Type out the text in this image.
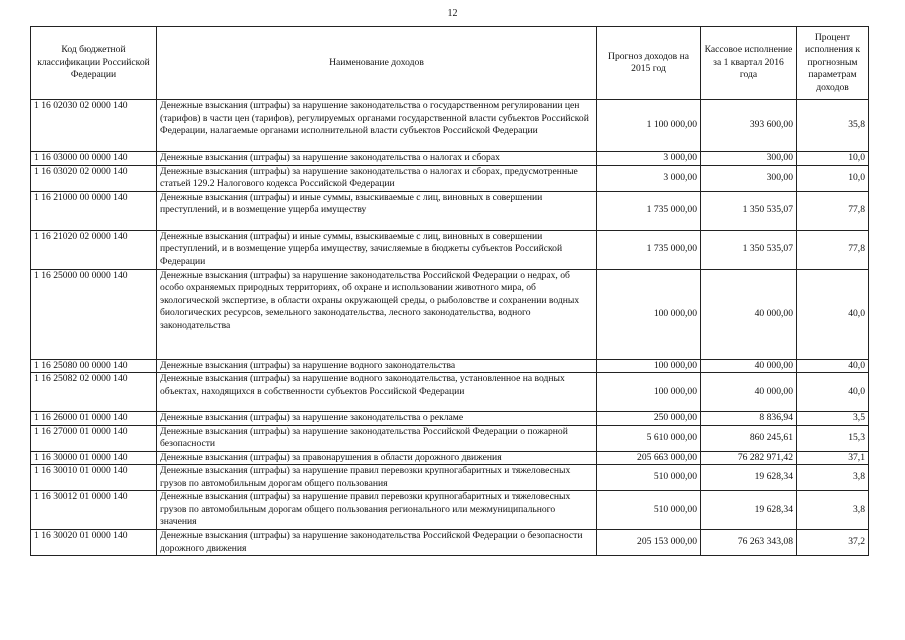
12
Код бюджетной классификации Российской Федерации	Наименование доходов	Прогноз доходов на 2015 год	Кассовое исполнение за 1 квартал 2016 года	Процент исполнения к прогнозным параметрам доходов
1 16 02030 02 0000 140	Денежные взыскания (штрафы) за нарушение законодательства о государственном регулировании цен (тарифов) в части цен (тарифов), регулируемых органами государственной власти субъектов Российской Федерации, налагаемые органами исполнительной власти субъектов Российской Федерации	1 100 000,00	393 600,00	35,8
1 16 03000 00 0000 140	Денежные взыскания (штрафы) за нарушение законодательства о налогах и сборах	3 000,00	300,00	10,0
1 16 03020 02 0000 140	Денежные взыскания (штрафы) за нарушение законодательства о налогах и сборах, предусмотренные статьей 129.2 Налогового кодекса Российской Федерации	3 000,00	300,00	10,0
1 16 21000 00 0000 140	Денежные взыскания (штрафы) и иные суммы, взыскиваемые с лиц, виновных в совершении преступлений, и в возмещение ущерба имуществу	1 735 000,00	1 350 535,07	77,8
1 16 21020 02 0000 140	Денежные взыскания (штрафы) и иные суммы, взыскиваемые с лиц, виновных в совершении преступлений, и в возмещение ущерба имуществу, зачисляемые в бюджеты субъектов Российской Федерации	1 735 000,00	1 350 535,07	77,8
1 16 25000 00 0000 140	Денежные взыскания (штрафы) за нарушение законодательства Российской Федерации о недрах, об особо охраняемых природных территориях, об охране и использовании животного мира, об экологической экспертизе, в области охраны окружающей среды, о рыболовстве и сохранении водных биологических ресурсов, земельного законодательства, лесного законодательства, водного законодательства	100 000,00	40 000,00	40,0
1 16 25080 00 0000 140	Денежные взыскания (штрафы) за нарушение водного законодательства	100 000,00	40 000,00	40,0
1 16 25082 02 0000 140	Денежные взыскания (штрафы) за нарушение водного законодательства, установленное на водных объектах, находящихся в собственности субъектов Российской Федерации	100 000,00	40 000,00	40,0
1 16 26000 01 0000 140	Денежные взыскания (штрафы) за нарушение законодательства о рекламе	250 000,00	8 836,94	3,5
1 16 27000 01 0000 140	Денежные взыскания (штрафы) за нарушение законодательства Российской Федерации о пожарной безопасности	5 610 000,00	860 245,61	15,3
1 16 30000 01 0000 140	Денежные взыскания (штрафы) за правонарушения в области дорожного движения	205 663 000,00	76 282 971,42	37,1
1 16 30010 01 0000 140	Денежные взыскания (штрафы) за нарушение правил перевозки крупногабаритных и тяжеловесных грузов по автомобильным дорогам общего пользования	510 000,00	19 628,34	3,8
1 16 30012 01 0000 140	Денежные взыскания (штрафы) за нарушение правил перевозки крупногабаритных и тяжеловесных грузов по автомобильным дорогам общего пользования регионального или межмуниципального значения	510 000,00	19 628,34	3,8
1 16 30020 01 0000 140	Денежные взыскания (штрафы) за нарушение законодательства Российской Федерации о безопасности дорожного движения	205 153 000,00	76 263 343,08	37,2
